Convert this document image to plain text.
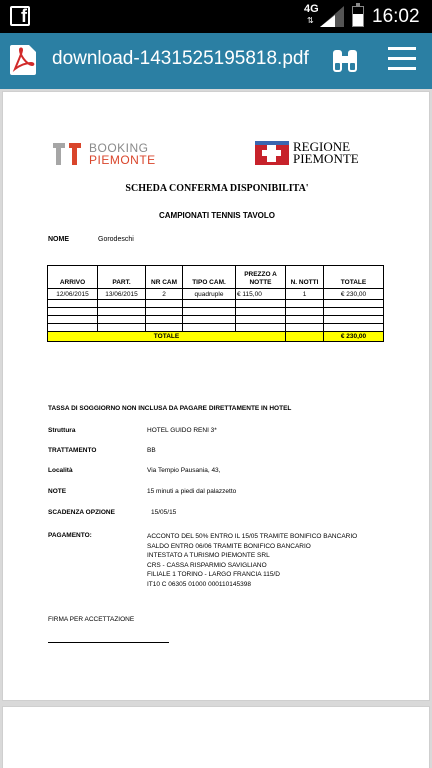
f	4G
⇅	16:02
download-1431525195818.pdf
BOOKING
PIEMONTE
REGIONE
PIEMONTE
SCHEDA CONFERMA DISPONIBILITA'
CAMPIONATI TENNIS TAVOLO
NOME	Gorodeschi
ARRIVO	PART.	NR CAM	TIPO CAM.	PREZZO A NOTTE	N. NOTTI	TOTALE
12/06/2015	13/06/2015	2	quadruple	€ 115,00	1	€ 230,00

TOTALE						€ 230,00
TASSA DI SOGGIORNO NON INCLUSA DA PAGARE DIRETTAMENTE IN HOTEL
Struttura	HOTEL GUIDO RENI 3*
TRATTAMENTO	BB
Località	Via Tempio Pausania, 43,
NOTE	15 minuti a piedi dal palazzetto
SCADENZA OPZIONE	15/05/15
PAGAMENTO:	ACCONTO DEL 50% ENTRO IL 15/05 TRAMITE BONIFICO BANCARIO
SALDO ENTRO 06/06 TRAMITE BONIFICO BANCARIO
INTESTATO A TURISMO PIEMONTE SRL
CRS - CASSA RISPARMIO SAVIGLIANO
FILIALE 1 TORINO - LARGO FRANCIA 115/D
IT10 C 06305 01000 000110145398
FIRMA PER ACCETTAZIONE
